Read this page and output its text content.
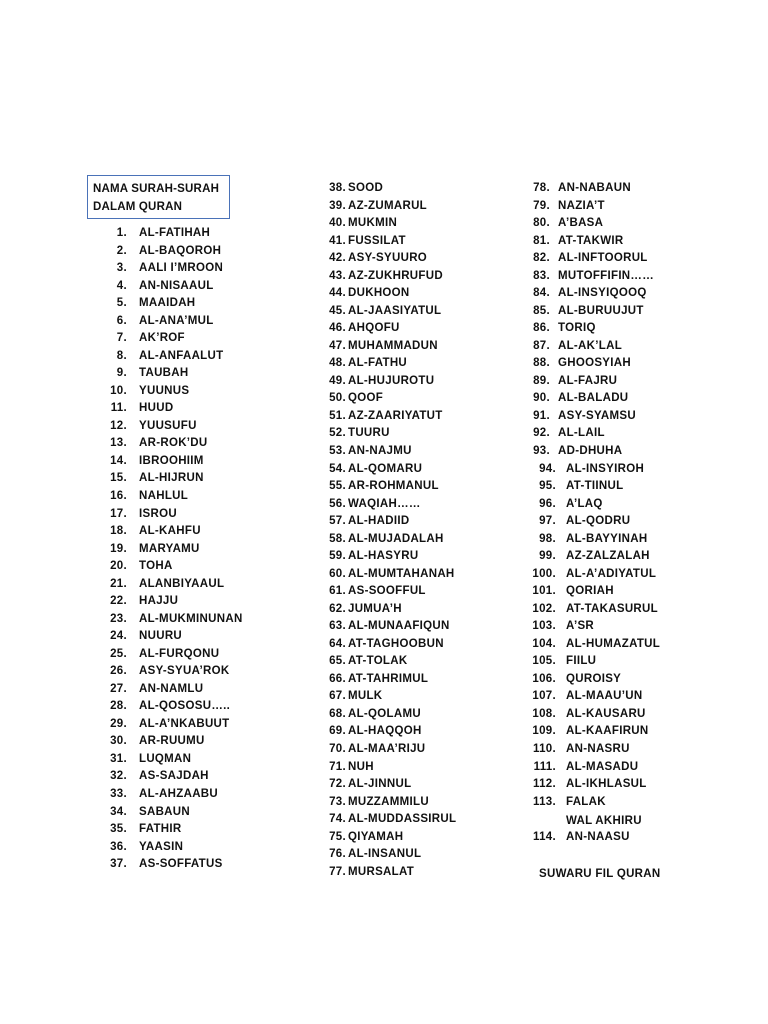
NAMA SURAH-SURAH
DALAM QURAN
1. AL-FATIHAH
2. AL-BAQOROH
3. AALI I’MROON
4. AN-NISAAUL
5. MAAIDAH
6. AL-ANA’MUL
7. AK’ROF
8. AL-ANFAALUT
9. TAUBAH
10. YUUNUS
11. HUUD
12. YUUSUFU
13. AR-ROK’DU
14. IBROOHIIM
15. AL-HIJRUN
16. NAHLUL
17. ISROU
18. AL-KAHFU
19. MARYAMU
20. TOHA
21. ALANBIYAAUL
22. HAJJU
23. AL-MUKMINUNAN
24. NUURU
25. AL-FURQONU
26. ASY-SYUA’ROK
27. AN-NAMLU
28. AL-QOSOSU…..
29. AL-A’NKABUUT
30. AR-RUUMU
31. LUQMAN
32. AS-SAJDAH
33. AL-AHZAABU
34. SABAUN
35. FATHIR
36. YAASIN
37. AS-SOFFATUS
38. SOOD
39. AZ-ZUMARUL
40. MUKMIN
41. FUSSILAT
42. ASY-SYUURO
43. AZ-ZUKHRUFUD
44. DUKHOON
45. AL-JAASIYATUL
46. AHQOFU
47. MUHAMMADUN
48. AL-FATHU
49. AL-HUJUROTU
50. QOOF
51. AZ-ZAARIYATUT
52. TUURU
53. AN-NAJMU
54. AL-QOMARU
55. AR-ROHMANUL
56. WAQIAH……
57. AL-HADIID
58. AL-MUJADALAH
59. AL-HASYRU
60. AL-MUMTAHANAH
61. AS-SOOFFUL
62. JUMUA’H
63. AL-MUNAAFIQUN
64. AT-TAGHOOBUN
65. AT-TOLAK
66. AT-TAHRIMUL
67. MULK
68. AL-QOLAMU
69. AL-HAQQOH
70. AL-MAA’RIJU
71. NUH
72. AL-JINNUL
73. MUZZAMMILU
74. AL-MUDDASSIRUL
75. QIYAMAH
76. AL-INSANUL
77. MURSALAT
78. AN-NABAUN
79. NAZIA’T
80. A’BASA
81. AT-TAKWIR
82. AL-INFTOORUL
83. MUTOFFIFIN……
84. AL-INSYIQOOQ
85. AL-BURUUJUT
86. TORIQ
87. AL-AK’LAL
88. GHOOSYIAH
89. AL-FAJRU
90. AL-BALADU
91. ASY-SYAMSU
92. AL-LAIL
93. AD-DHUHA
94. AL-INSYIROH
95. AT-TIINUL
96. A’LAQ
97. AL-QODRU
98. AL-BAYYINAH
99. AZ-ZALZALAH
100. AL-A’ADIYATUL
101. QORIAH
102. AT-TAKASURUL
103. A’SR
104. AL-HUMAZATUL
105. FIILU
106. QUROISY
107. AL-MAAU’UN
108. AL-KAUSARU
109. AL-KAAFIRUN
110. AN-NASRU
111. AL-MASADU
112. AL-IKHLASUL
113. FALAK
114. AN-NAASU
WAL AKHIRU
SUWARU FIL QURAN
